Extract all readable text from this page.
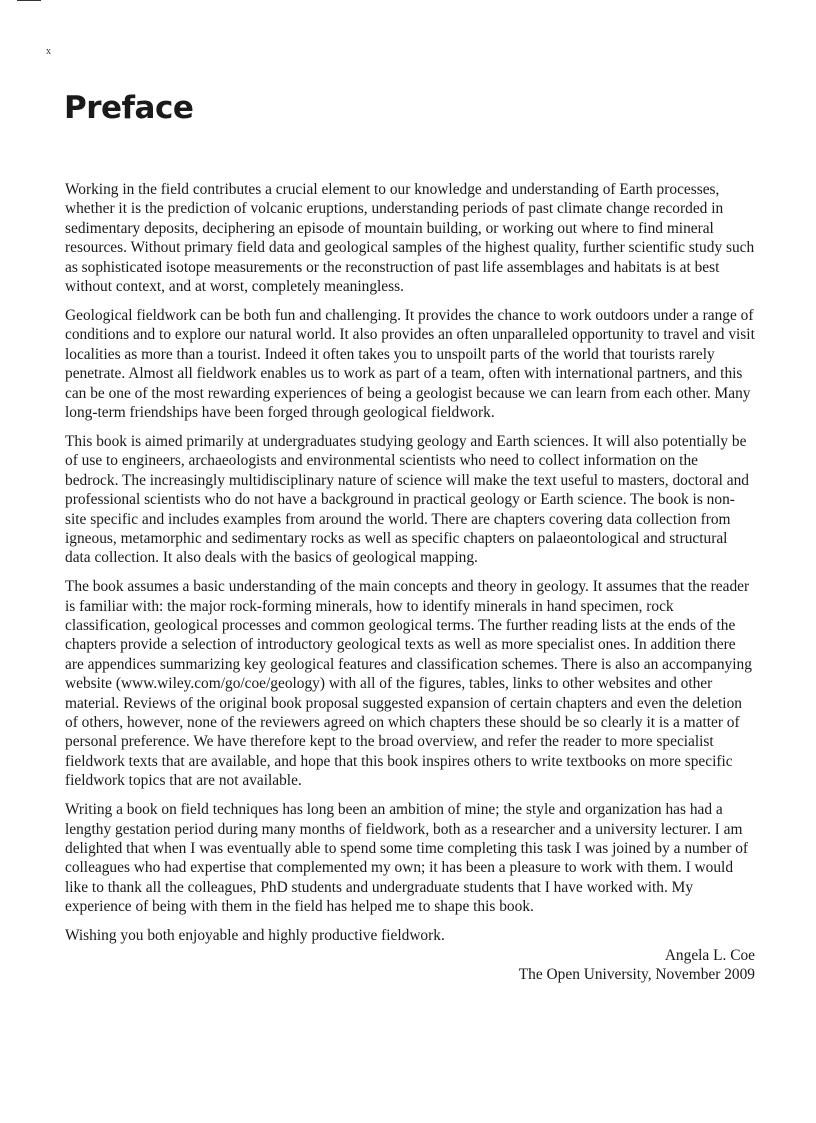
x
Preface

Working in the field contributes a crucial element to our knowledge and understanding of Earth processes, whether it is the prediction of volcanic eruptions, understanding periods of past climate change recorded in sedimentary deposits, deciphering an episode of mountain building, or working out where to find mineral resources. Without primary field data and geological samples of the highest quality, further scientific study such as sophisticated isotope measurements or the reconstruction of past life assemblages and habitats is at best without context, and at worst, completely meaningless.

Geological fieldwork can be both fun and challenging. It provides the chance to work outdoors under a range of conditions and to explore our natural world. It also provides an often unparalleled opportunity to travel and visit localities as more than a tourist. Indeed it often takes you to unspoilt parts of the world that tourists rarely penetrate. Almost all fieldwork enables us to work as part of a team, often with international partners, and this can be one of the most rewarding experiences of being a geologist because we can learn from each other. Many long-term friendships have been forged through geological fieldwork.

This book is aimed primarily at undergraduates studying geology and Earth sciences. It will also potentially be of use to engineers, archaeologists and environmental scientists who need to collect information on the bedrock. The increasingly multidisciplinary nature of science will make the text useful to masters, doctoral and professional scientists who do not have a background in practical geology or Earth science. The book is non-site specific and includes examples from around the world. There are chapters covering data collection from igneous, metamorphic and sedimentary rocks as well as specific chapters on palaeontological and structural data collection. It also deals with the basics of geological mapping.

The book assumes a basic understanding of the main concepts and theory in geology. It assumes that the reader is familiar with: the major rock-forming minerals, how to identify minerals in hand specimen, rock classification, geological processes and common geological terms. The further reading lists at the ends of the chapters provide a selection of introductory geological texts as well as more specialist ones. In addition there are appendices summarizing key geological features and classification schemes. There is also an accompanying website (www.wiley.com/go/coe/geology) with all of the figures, tables, links to other websites and other material. Reviews of the original book proposal suggested expansion of certain chapters and even the deletion of others, however, none of the reviewers agreed on which chapters these should be so clearly it is a matter of personal preference. We have therefore kept to the broad overview, and refer the reader to more specialist fieldwork texts that are available, and hope that this book inspires others to write textbooks on more specific fieldwork topics that are not available.

Writing a book on field techniques has long been an ambition of mine; the style and organization has had a lengthy gestation period during many months of fieldwork, both as a researcher and a university lecturer. I am delighted that when I was eventually able to spend some time completing this task I was joined by a number of colleagues who had expertise that complemented my own; it has been a pleasure to work with them. I would like to thank all the colleagues, PhD students and undergraduate students that I have worked with. My experience of being with them in the field has helped me to shape this book.

Wishing you both enjoyable and highly productive fieldwork.

Angela L. Coe
The Open University, November 2009
